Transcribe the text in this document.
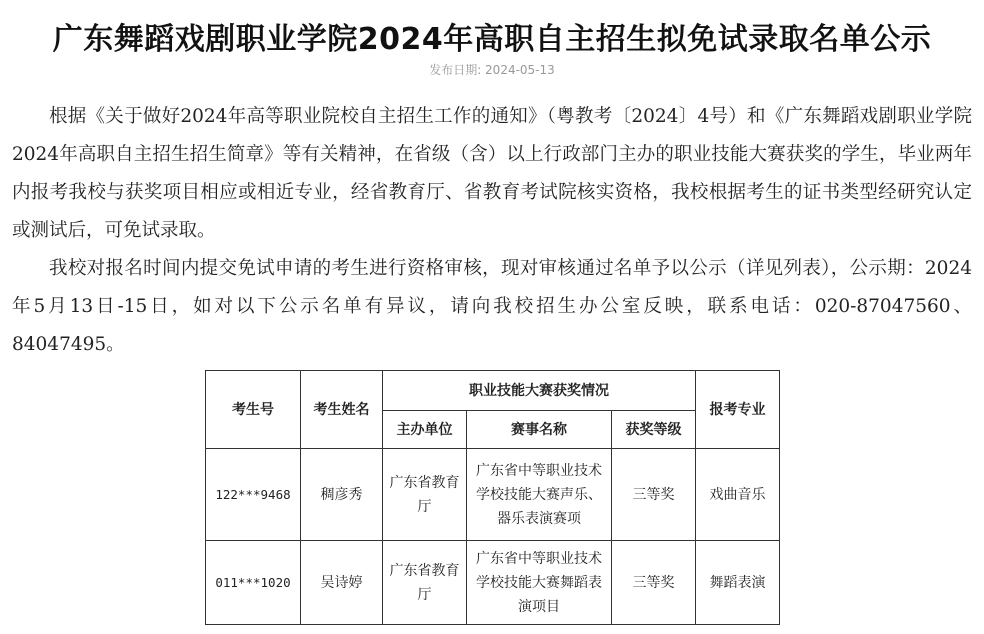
广东舞蹈戏剧职业学院2024年高职自主招生拟免试录取名单公示
发布日期: 2024-05-13

根据《关于做好2024年高等职业院校自主招生工作的通知》（粤教考〔2024〕4号）和《广东舞蹈戏剧职业学院2024年高职自主招生招生简章》等有关精神，在省级（含）以上行政部门主办的职业技能大赛获奖的学生，毕业两年内报考我校与获奖项目相应或相近专业，经省教育厅、省教育考试院核实资格，我校根据考生的证书类型经研究认定或测试后，可免试录取。

我校对报名时间内提交免试申请的考生进行资格审核，现对审核通过名单予以公示（详见列表），公示期：2024年5月13日-15日，如对以下公示名单有异议，请向我校招生办公室反映，联系电话：020-87047560、84047495。

考生号	考生姓名	职业技能大赛获奖情况			报考专业
		主办单位	赛事名称	获奖等级	
122***9468	稠彦秀	广东省教育厅	广东省中等职业技术学校技能大赛声乐、器乐表演赛项	三等奖	戏曲音乐
011***1020	吴诗婷	广东省教育厅	广东省中等职业技术学校技能大赛舞蹈表演项目	三等奖	舞蹈表演
